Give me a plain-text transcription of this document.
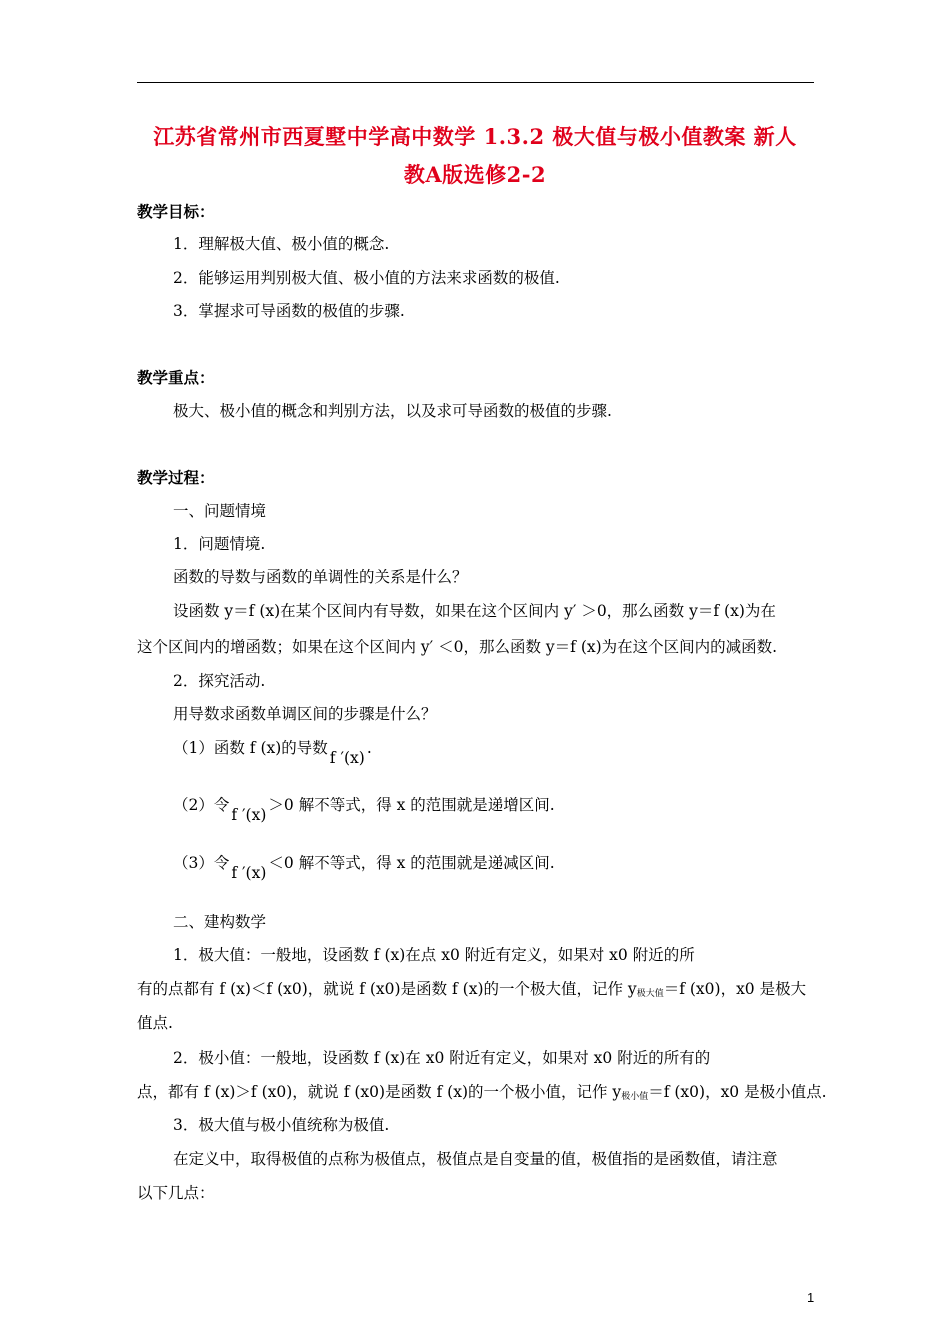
江苏省常州市西夏墅中学高中数学 1.3.2 极大值与极小值教案 新人
教A版选修2-2
教学目标：
1．理解极大值、极小值的概念.
2．能够运用判别极大值、极小值的方法来求函数的极值.
3．掌握求可导函数的极值的步骤.
教学重点：
极大、极小值的概念和判别方法，以及求可导函数的极值的步骤.
教学过程：
一、问题情境
1．问题情境.
函数的导数与函数的单调性的关系是什么？
设函数 y＝f (x)在某个区间内有导数，如果在这个区间内 y′ ＞0，那么函数 y＝f (x)为在
这个区间内的增函数；如果在这个区间内 y′ ＜0，那么函数 y＝f (x)为在这个区间内的减函数.
2．探究活动.
用导数求函数单调区间的步骤是什么？
（1）函数 f (x)的导数f ′(x).
（2）令f ′(x)＞0 解不等式，得 x 的范围就是递增区间.
（3）令f ′(x)＜0 解不等式，得 x 的范围就是递减区间.
二、建构数学
1．极大值：一般地，设函数 f (x)在点 x0 附近有定义，如果对 x0 附近的所
有的点都有 f (x)＜f (x0)，就说 f (x0)是函数 f (x)的一个极大值，记作 $y_{极大值}=f$ (x0)，x0 是极大
值点.
2．极小值：一般地，设函数 f (x)在 x0 附近有定义，如果对 x0 附近的所有的
点，都有 f (x)＞f (x0)，就说 f (x0)是函数 f (x)的一个极小值，记作 $y_{极小值}=f$ (x0)，x0 是极小值点.
3．极大值与极小值统称为极值.
在定义中，取得极值的点称为极值点，极值点是自变量的值，极值指的是函数值，请注意
以下几点：
1
